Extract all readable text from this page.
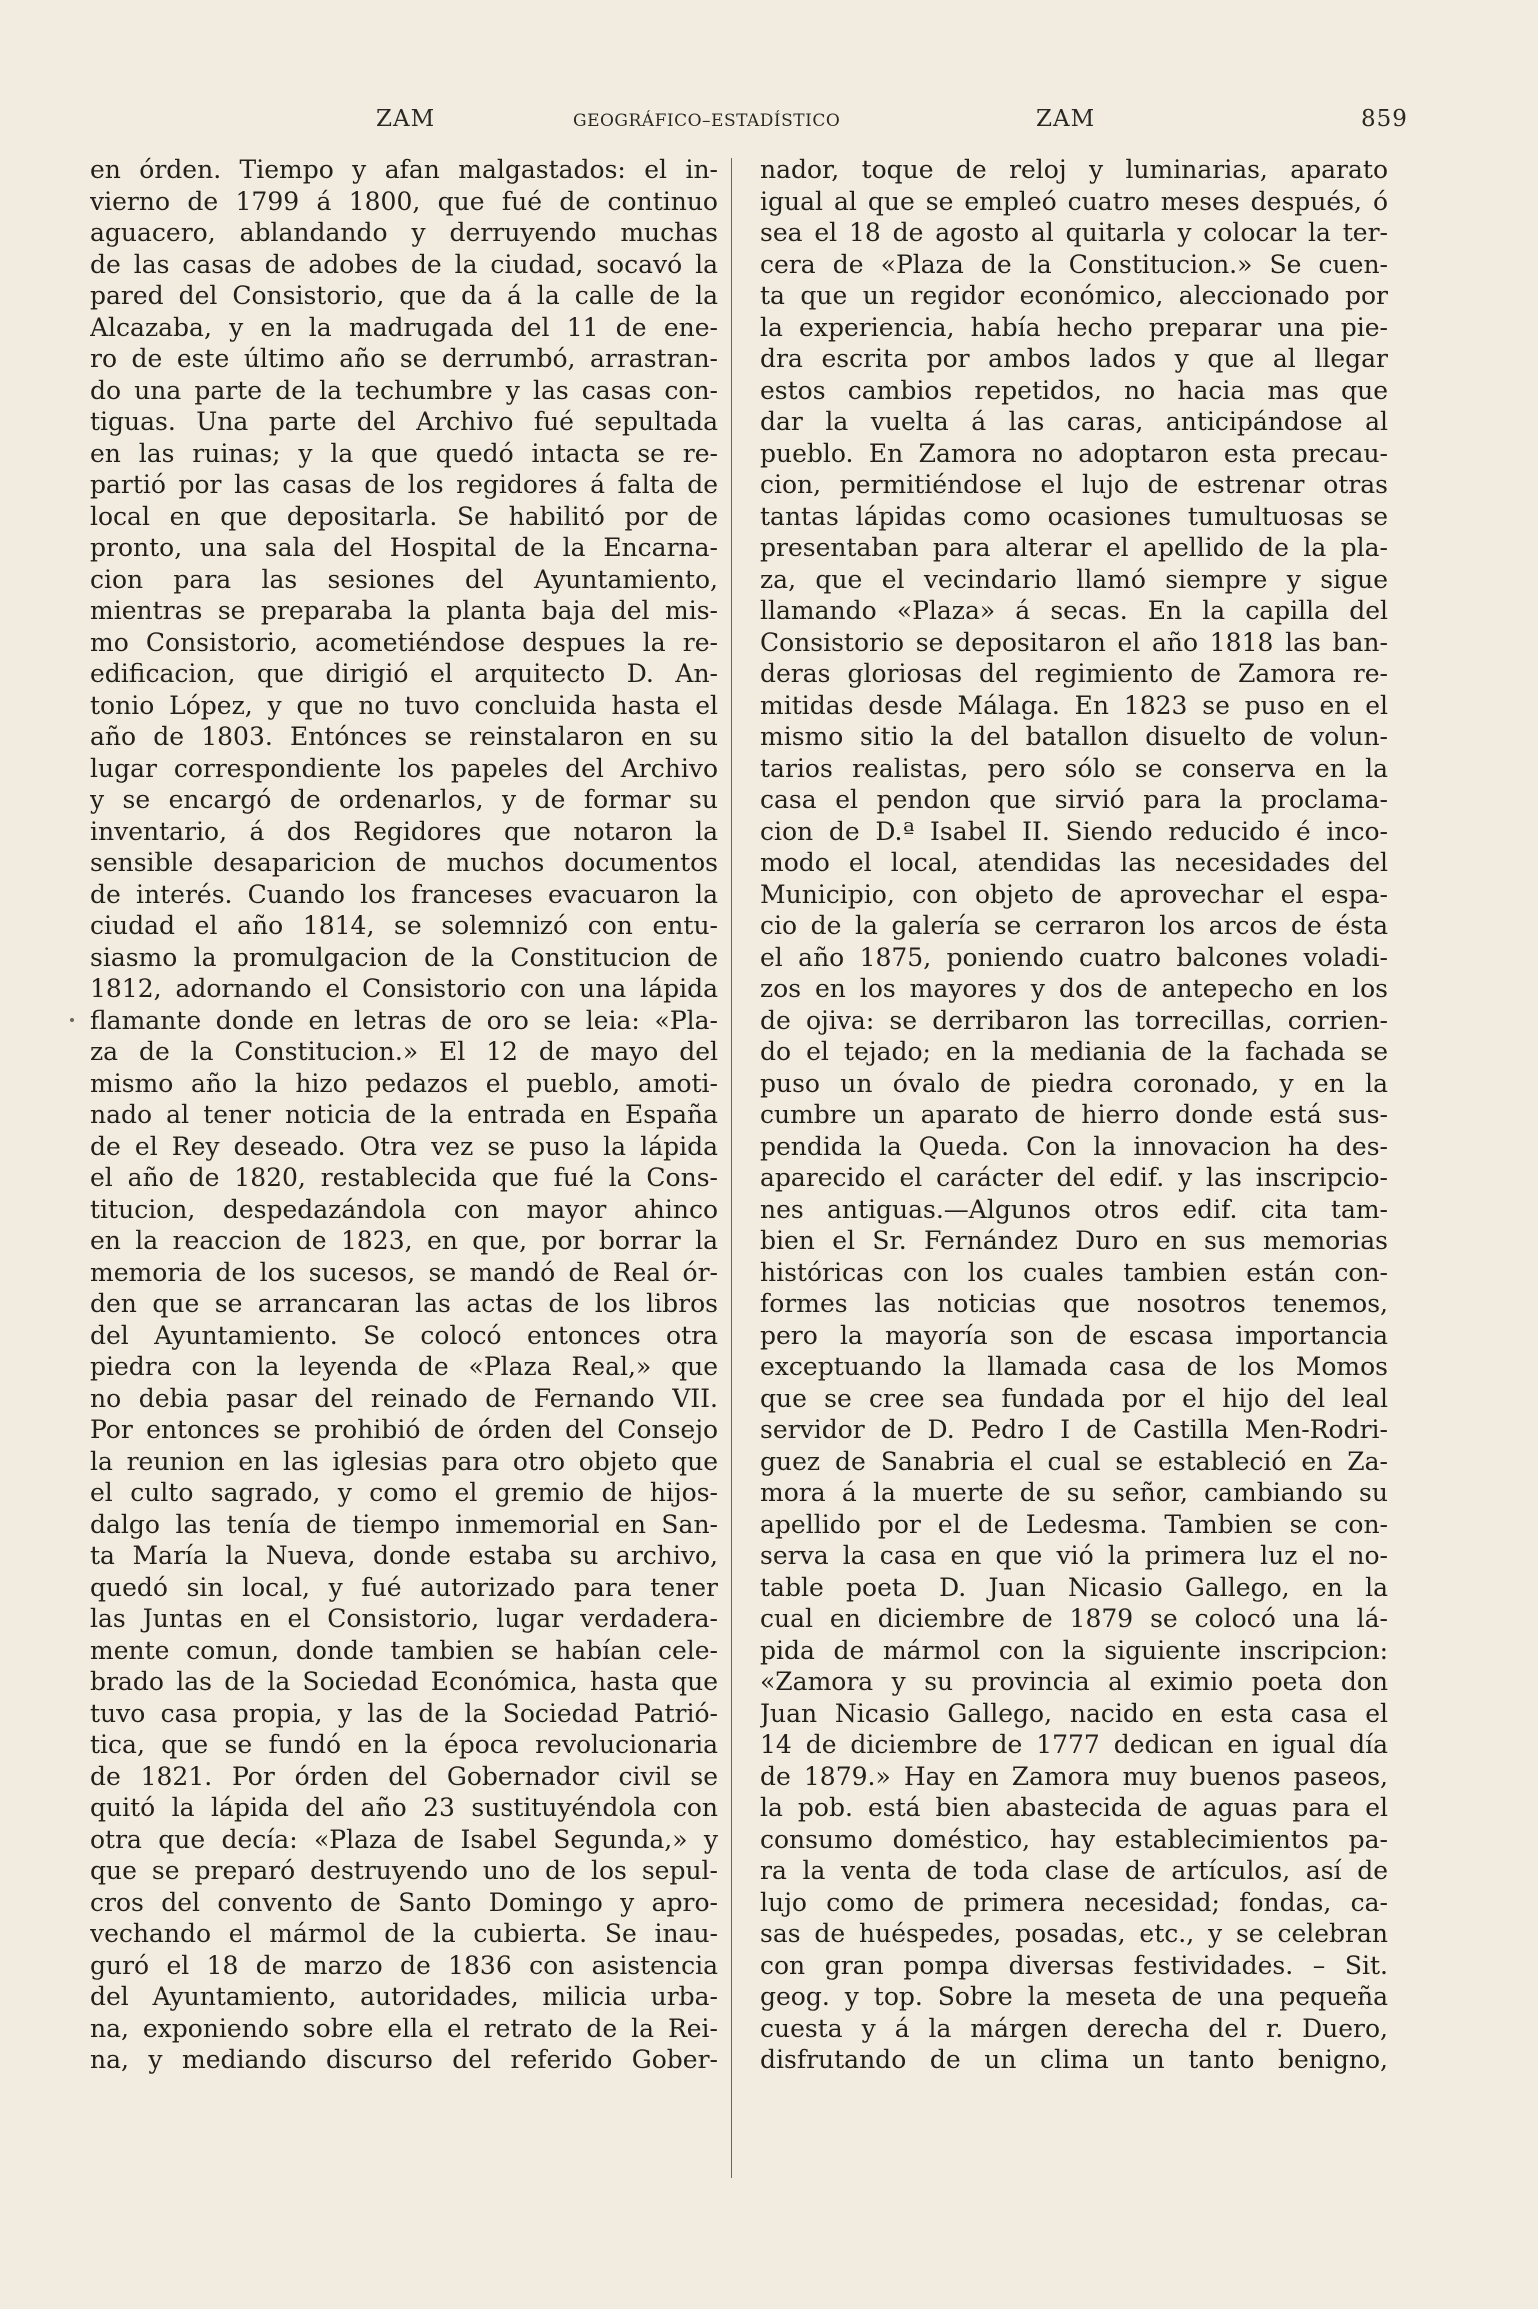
ZAM	GEOGRÁFICO–ESTADÍSTICO	ZAM	859
en órden. Tiempo y afan malgastados: el in-
vierno de 1799 á 1800, que fué de continuo
aguacero, ablandando y derruyendo muchas
de las casas de adobes de la ciudad, socavó la
pared del Consistorio, que da á la calle de la
Alcazaba, y en la madrugada del 11 de ene-
ro de este último año se derrumbó, arrastran-
do una parte de la techumbre y las casas con-
tiguas. Una parte del Archivo fué sepultada
en las ruinas; y la que quedó intacta se re-
partió por las casas de los regidores á falta de
local en que depositarla. Se habilitó por de
pronto, una sala del Hospital de la Encarna-
cion para las sesiones del Ayuntamiento,
mientras se preparaba la planta baja del mis-
mo Consistorio, acometiéndose despues la re-
edificacion, que dirigió el arquitecto D. An-
tonio López, y que no tuvo concluida hasta el
año de 1803. Entónces se reinstalaron en su
lugar correspondiente los papeles del Archivo
y se encargó de ordenarlos, y de formar su
inventario, á dos Regidores que notaron la
sensible desaparicion de muchos documentos
de interés. Cuando los franceses evacuaron la
ciudad el año 1814, se solemnizó con entu-
siasmo la promulgacion de la Constitucion de
1812, adornando el Consistorio con una lápida
flamante donde en letras de oro se leia: «Pla-
za de la Constitucion.» El 12 de mayo del
mismo año la hizo pedazos el pueblo, amoti-
nado al tener noticia de la entrada en España
de el Rey deseado. Otra vez se puso la lápida
el año de 1820, restablecida que fué la Cons-
titucion, despedazándola con mayor ahinco
en la reaccion de 1823, en que, por borrar la
memoria de los sucesos, se mandó de Real ór-
den que se arrancaran las actas de los libros
del Ayuntamiento. Se colocó entonces otra
piedra con la leyenda de «Plaza Real,» que
no debia pasar del reinado de Fernando VII.
Por entonces se prohibió de órden del Consejo
la reunion en las iglesias para otro objeto que
el culto sagrado, y como el gremio de hijos-
dalgo las tenía de tiempo inmemorial en San-
ta María la Nueva, donde estaba su archivo,
quedó sin local, y fué autorizado para tener
las Juntas en el Consistorio, lugar verdadera-
mente comun, donde tambien se habían cele-
brado las de la Sociedad Económica, hasta que
tuvo casa propia, y las de la Sociedad Patrió-
tica, que se fundó en la época revolucionaria
de 1821. Por órden del Gobernador civil se
quitó la lápida del año 23 sustituyéndola con
otra que decía: «Plaza de Isabel Segunda,» y
que se preparó destruyendo uno de los sepul-
cros del convento de Santo Domingo y apro-
vechando el mármol de la cubierta. Se inau-
guró el 18 de marzo de 1836 con asistencia
del Ayuntamiento, autoridades, milicia urba-
na, exponiendo sobre ella el retrato de la Rei-
na, y mediando discurso del referido Gober-
nador, toque de reloj y luminarias, aparato
igual al que se empleó cuatro meses después, ó
sea el 18 de agosto al quitarla y colocar la ter-
cera de «Plaza de la Constitucion.» Se cuen-
ta que un regidor económico, aleccionado por
la experiencia, había hecho preparar una pie-
dra escrita por ambos lados y que al llegar
estos cambios repetidos, no hacia mas que
dar la vuelta á las caras, anticipándose al
pueblo. En Zamora no adoptaron esta precau-
cion, permitiéndose el lujo de estrenar otras
tantas lápidas como ocasiones tumultuosas se
presentaban para alterar el apellido de la pla-
za, que el vecindario llamó siempre y sigue
llamando «Plaza» á secas. En la capilla del
Consistorio se depositaron el año 1818 las ban-
deras gloriosas del regimiento de Zamora re-
mitidas desde Málaga. En 1823 se puso en el
mismo sitio la del batallon disuelto de volun-
tarios realistas, pero sólo se conserva en la
casa el pendon que sirvió para la proclama-
cion de D.ª Isabel II. Siendo reducido é inco-
modo el local, atendidas las necesidades del
Municipio, con objeto de aprovechar el espa-
cio de la galería se cerraron los arcos de ésta
el año 1875, poniendo cuatro balcones voladi-
zos en los mayores y dos de antepecho en los
de ojiva: se derribaron las torrecillas, corrien-
do el tejado; en la mediania de la fachada se
puso un óvalo de piedra coronado, y en la
cumbre un aparato de hierro donde está sus-
pendida la Queda. Con la innovacion ha des-
aparecido el carácter del edif. y las inscripcio-
nes antiguas.—Algunos otros edif. cita tam-
bien el Sr. Fernández Duro en sus memorias
históricas con los cuales tambien están con-
formes las noticias que nosotros tenemos,
pero la mayoría son de escasa importancia
exceptuando la llamada casa de los Momos
que se cree sea fundada por el hijo del leal
servidor de D. Pedro I de Castilla Men-Rodri-
guez de Sanabria el cual se estableció en Za-
mora á la muerte de su señor, cambiando su
apellido por el de Ledesma. Tambien se con-
serva la casa en que vió la primera luz el no-
table poeta D. Juan Nicasio Gallego, en la
cual en diciembre de 1879 se colocó una lá-
pida de mármol con la siguiente inscripcion:
«Zamora y su provincia al eximio poeta don
Juan Nicasio Gallego, nacido en esta casa el
14 de diciembre de 1777 dedican en igual día
de 1879.» Hay en Zamora muy buenos paseos,
la pob. está bien abastecida de aguas para el
consumo doméstico, hay establecimientos pa-
ra la venta de toda clase de artículos, así de
lujo como de primera necesidad; fondas, ca-
sas de huéspedes, posadas, etc., y se celebran
con gran pompa diversas festividades. – Sit.
geog. y top. Sobre la meseta de una pequeña
cuesta y á la márgen derecha del r. Duero,
disfrutando de un clima un tanto benigno,
